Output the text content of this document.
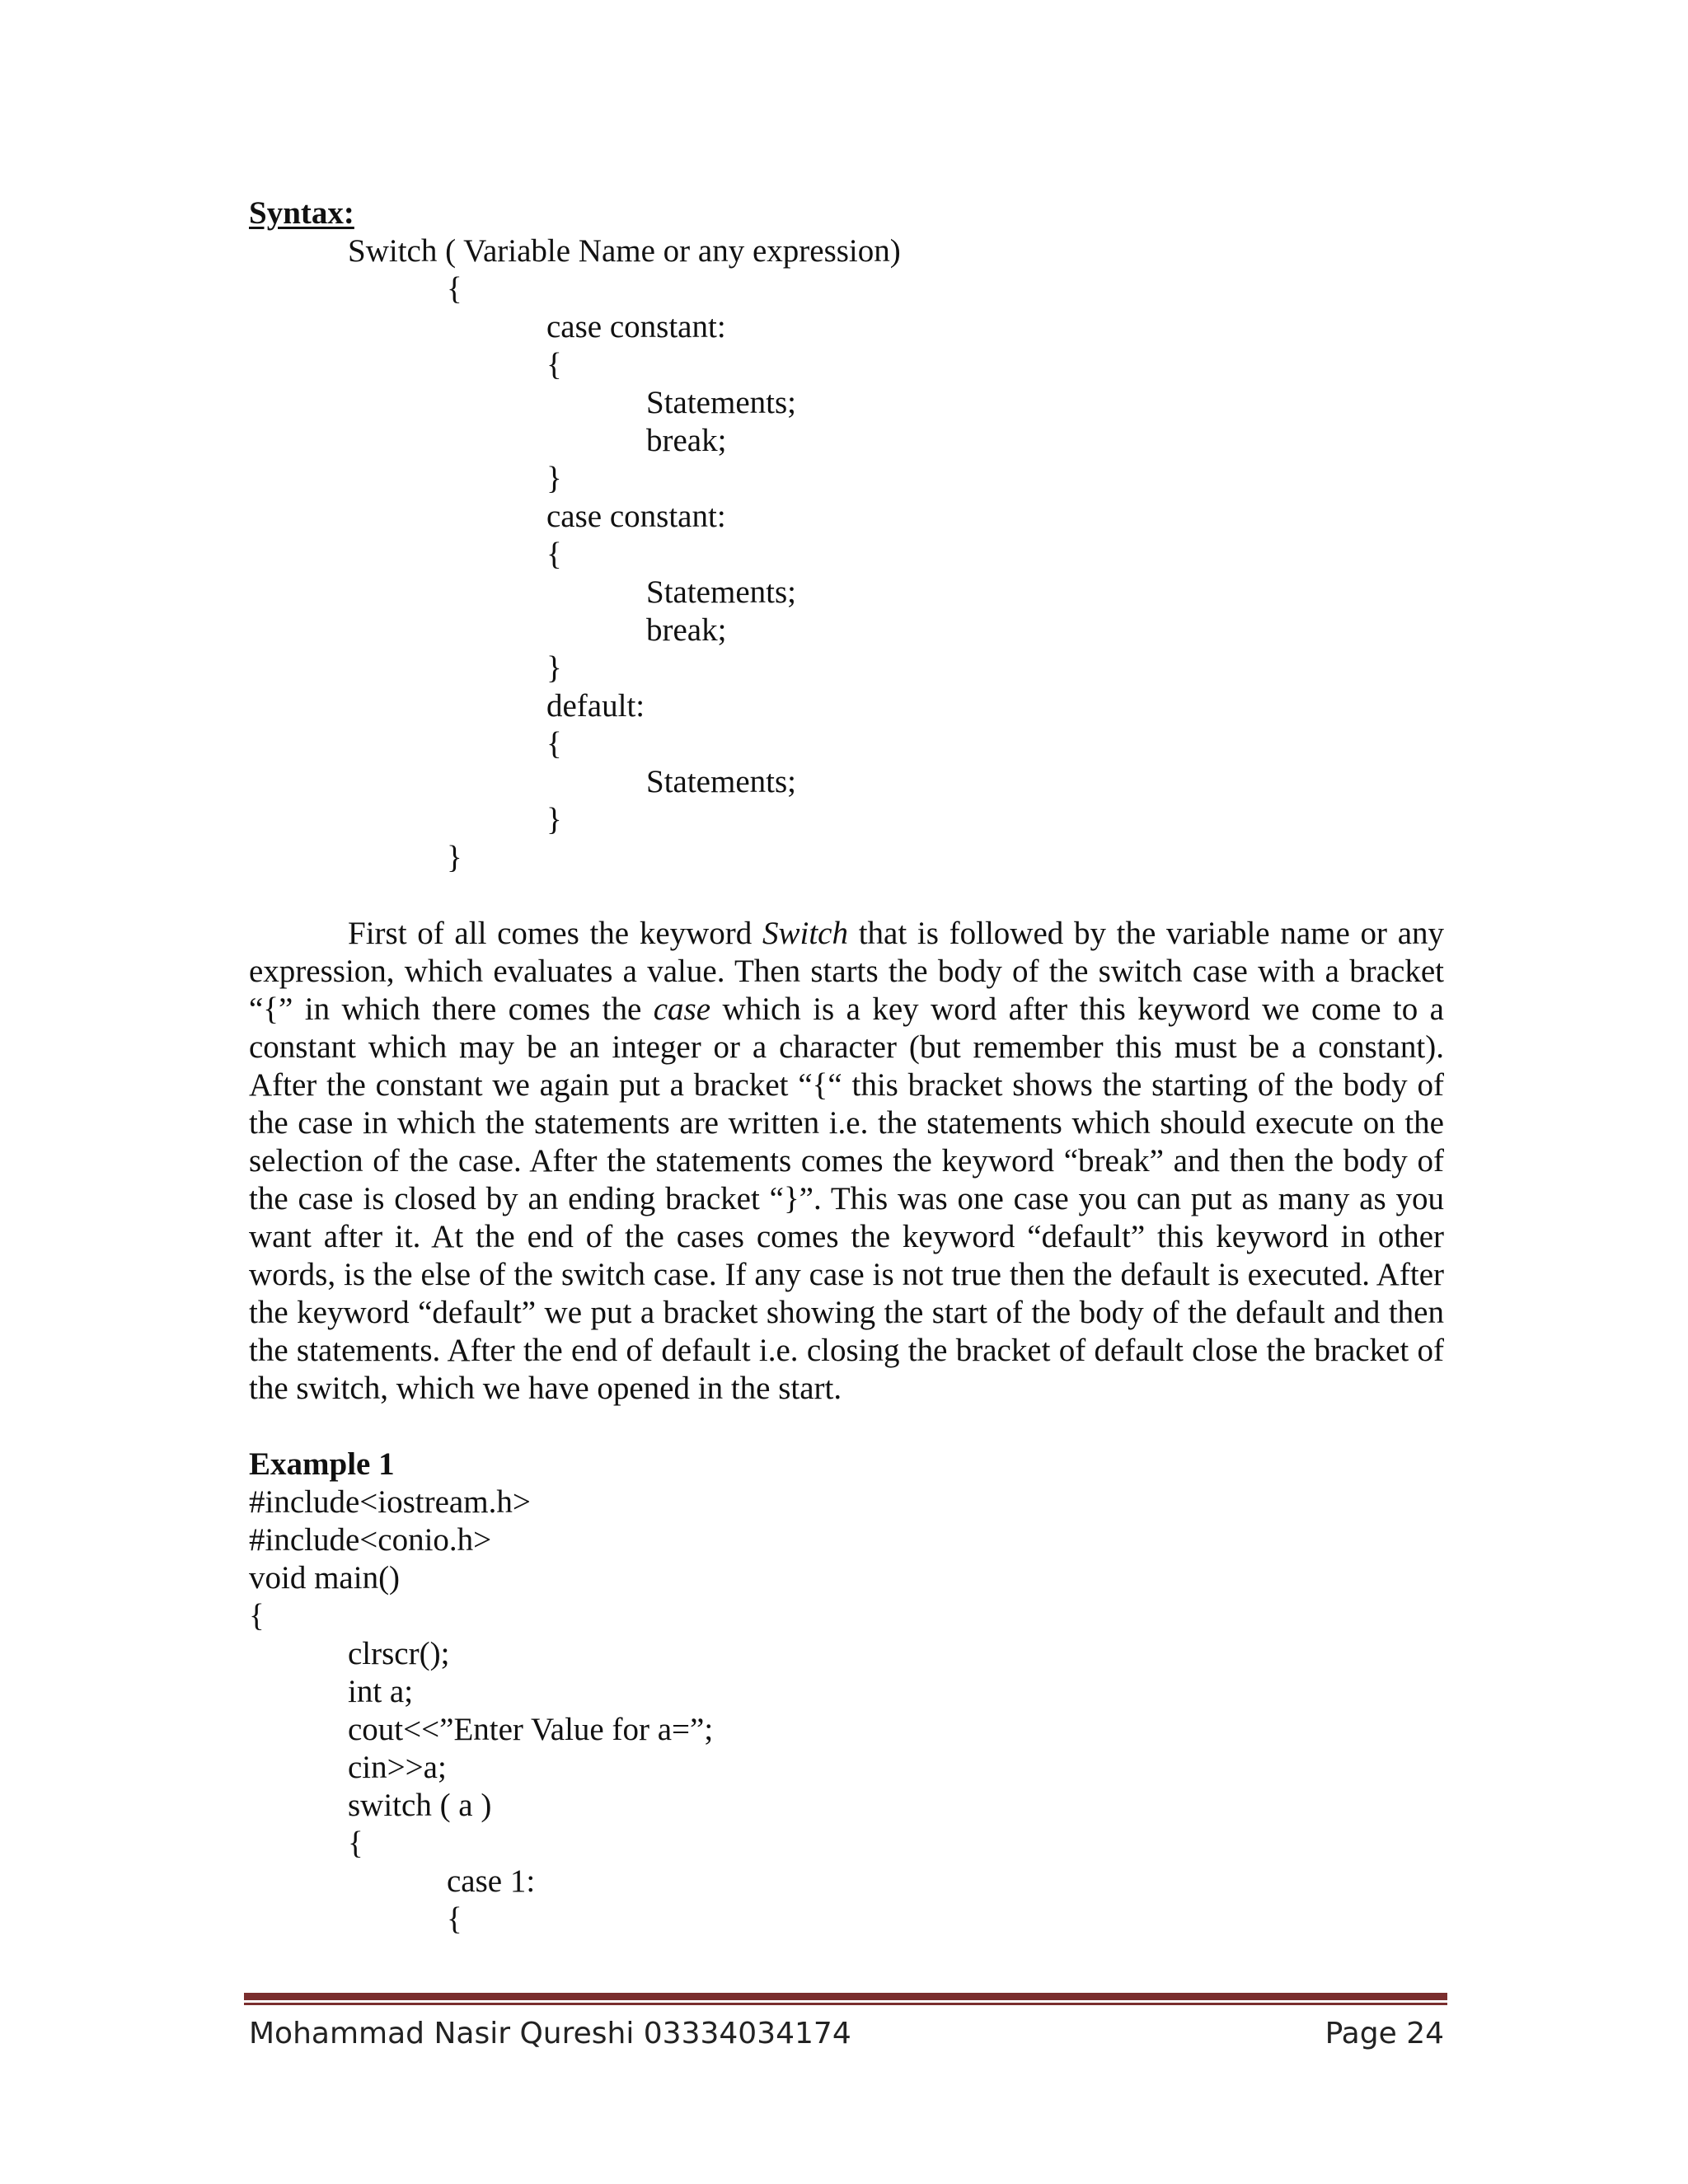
Syntax:
Switch ( Variable Name or any expression)
{
case constant:
{
Statements;
break;
}
case constant:
{
Statements;
break;
}
default:
{
Statements;
}
}

First of all comes the keyword Switch that is followed by the variable name or any expression, which evaluates a value. Then starts the body of the switch case with a bracket “{” in which there comes the case which is a key word after this keyword we come to a constant which may be an integer or a character (but remember this must be a constant). After the constant we again put a bracket “{“ this bracket shows the starting of the body of the case in which the statements are written i.e. the statements which should execute on the selection of the case. After the statements comes the keyword “break” and then the body of the case is closed by an ending bracket “}”. This was one case you can put as many as you want after it. At the end of the cases comes the keyword “default” this keyword in other words, is the else of the switch case. If any case is not true then the default is executed. After the keyword “default” we put a bracket showing the start of the body of the default and then the statements. After the end of default i.e. closing the bracket of default close the bracket of the switch, which we have opened in the start.

Example 1
#include<iostream.h>
#include<conio.h>
void main()
{
clrscr();
int a;
cout<<”Enter Value for a=”;
cin>>a;
switch ( a )
{
case 1:
{
Mohammad Nasir Qureshi 03334034174	Page 24
